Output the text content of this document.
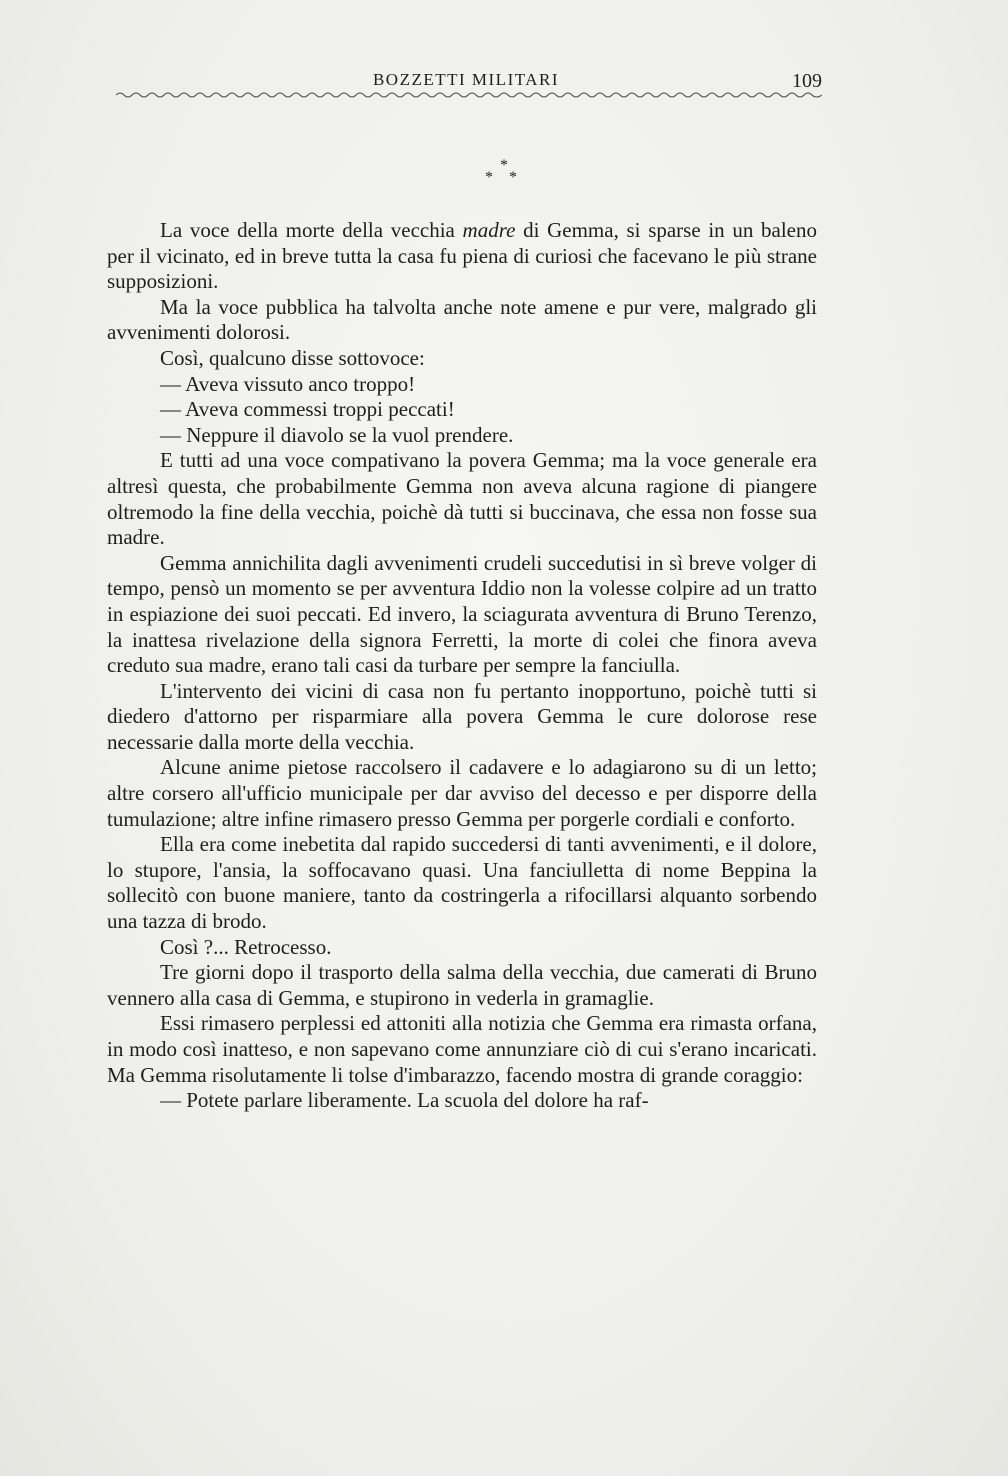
BOZZETTI MILITARI	109
*
* *

La voce della morte della vecchia madre di Gemma, si sparse in un baleno per il vicinato, ed in breve tutta la casa fu piena di curiosi che facevano le più strane supposizioni.

Ma la voce pubblica ha talvolta anche note amene e pur vere, malgrado gli avvenimenti dolorosi.

Così, qualcuno disse sottovoce:

— Aveva vissuto anco troppo!

— Aveva commessi troppi peccati!

— Neppure il diavolo se la vuol prendere.

E tutti ad una voce compativano la povera Gemma; ma la voce generale era altresì questa, che probabilmente Gemma non aveva alcuna ragione di piangere oltremodo la fine della vecchia, poichè dà tutti si buccinava, che essa non fosse sua madre.

Gemma annichilita dagli avvenimenti crudeli succedutisi in sì breve volger di tempo, pensò un momento se per avventura Iddio non la volesse colpire ad un tratto in espiazione dei suoi peccati. Ed invero, la sciagurata avventura di Bruno Terenzo, la inattesa rivelazione della signora Ferretti, la morte di colei che finora aveva creduto sua madre, erano tali casi da turbare per sempre la fanciulla.

L'intervento dei vicini di casa non fu pertanto inopportuno, poichè tutti si diedero d'attorno per risparmiare alla povera Gemma le cure dolorose rese necessarie dalla morte della vecchia.

Alcune anime pietose raccolsero il cadavere e lo adagiarono su di un letto; altre corsero all'ufficio municipale per dar avviso del decesso e per disporre della tumulazione; altre infine rimasero presso Gemma per porgerle cordiali e conforto.

Ella era come inebetita dal rapido succedersi di tanti avvenimenti, e il dolore, lo stupore, l'ansia, la soffocavano quasi. Una fanciulletta di nome Beppina la sollecitò con buone maniere, tanto da costringerla a rifocillarsi alquanto sorbendo una tazza di brodo.

Così ?... Retrocesso.

Tre giorni dopo il trasporto della salma della vecchia, due camerati di Bruno vennero alla casa di Gemma, e stupirono in vederla in gramaglie.

Essi rimasero perplessi ed attoniti alla notizia che Gemma era rimasta orfana, in modo così inatteso, e non sapevano come annunziare ciò di cui s'erano incaricati. Ma Gemma risolutamente li tolse d'imbarazzo, facendo mostra di grande coraggio:

— Potete parlare liberamente. La scuola del dolore ha raf-
